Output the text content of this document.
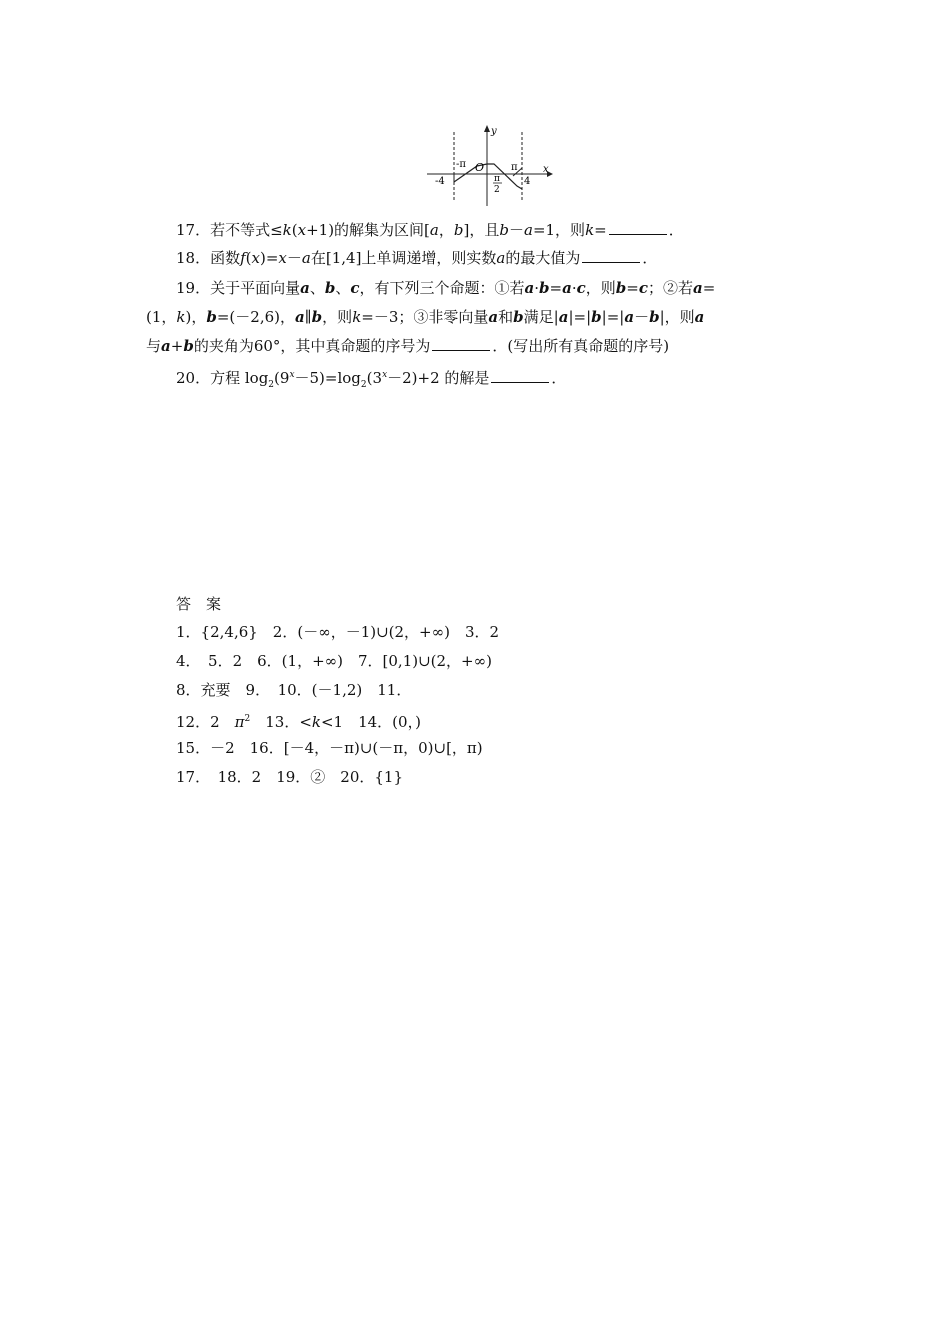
y
x
O
-π	π
-4	4
π
2
17．若不等式≤k(x+1)的解集为区间[a，b]，且b－a=1，则k=	．
18．函数f(x)=x－a在[1,4]上单调递增，则实数a的最大值为	．
19．关于平面向量a、b、c，有下列三个命题：①若a·b=a·c，则b=c；②若a=
(1，k)，b=(－2,6)，a∥b，则k=－3；③非零向量a和b满足|a|=|b|=|a－b|，则a
与a+b的夹角为60°，其中真命题的序号为	．(写出所有真命题的序号)
20．方程 $\log_2(9^x-5)=\log_2(3^x-2)+2$ 的解是	．
答　案
1．{2,4,6}　2．(－∞，－1)∪(2，+∞)　3．2
4．　5．2　6．(1，+∞)　7．[0,1)∪(2，+∞)
8．充要　9．　10．(－1,2)　11．
12．2　$\pi^2$　13．<k<1　14．(0，)
15．－2　16．[－4，－π)∪(－π，0)∪[，π)
17．　18．2　19．②　20．{1}
